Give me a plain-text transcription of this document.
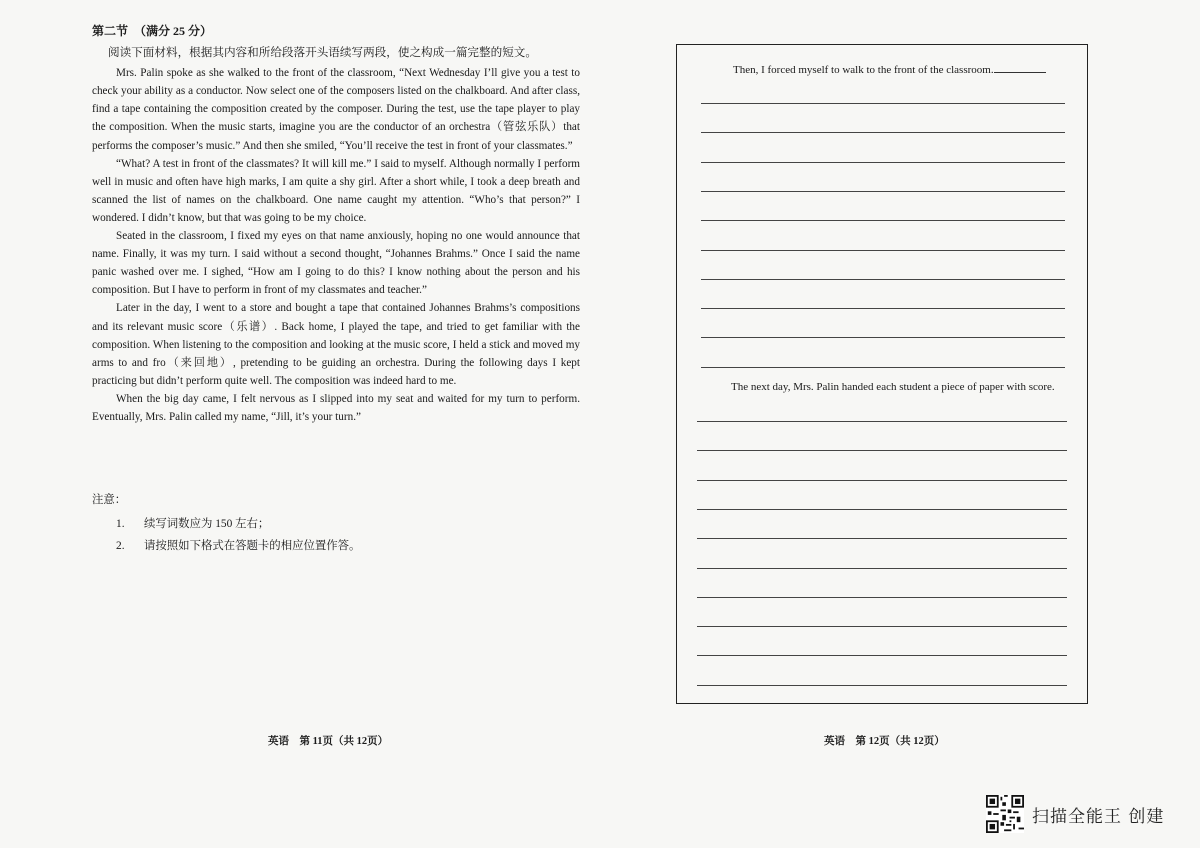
第二节 （满分 25 分）

阅读下面材料，根据其内容和所给段落开头语续写两段，使之构成一篇完整的短文。

Mrs. Palin spoke as she walked to the front of the classroom, “Next Wednesday I’ll give you a test to check your ability as a conductor. Now select one of the composers listed on the chalkboard. And after class, find a tape containing the composition created by the composer. During the test, use the tape player to play the composition. When the music starts, imagine you are the conductor of an orchestra（管弦乐队）that performs the composer’s music.” And then she smiled, “You’ll receive the test in front of your classmates.”

“What? A test in front of the classmates? It will kill me.” I said to myself. Although normally I perform well in music and often have high marks, I am quite a shy girl. After a short while, I took a deep breath and scanned the list of names on the chalkboard. One name caught my attention. “Who’s that person?” I wondered. I didn’t know, but that was going to be my choice.

Seated in the classroom, I fixed my eyes on that name anxiously, hoping no one would announce that name. Finally, it was my turn. I said without a second thought, “Johannes Brahms.” Once I said the name panic washed over me. I sighed, “How am I going to do this? I know nothing about the person and his composition. But I have to perform in front of my classmates and teacher.”

Later in the day, I went to a store and bought a tape that contained Johannes Brahms’s compositions and its relevant music score（乐谱）. Back home, I played the tape, and tried to get familiar with the composition. When listening to the composition and looking at the music score, I held a stick and moved my arms to and fro（来回地）, pretending to be guiding an orchestra. During the following days I kept practicing but didn’t perform quite well. The composition was indeed hard to me.

When the big day came, I felt nervous as I slipped into my seat and waited for my turn to perform. Eventually, Mrs. Palin called my name, “Jill, it’s your turn.”

注意：
1. 续写词数应为 150 左右；
2. 请按照如下格式在答题卡的相应位置作答。
英语　第 11页（共 12页）
Then, I forced myself to walk to the front of the classroom.
The next day, Mrs. Palin handed each student a piece of paper with score.
英语　第 12页（共 12页）
扫描全能王 创建
